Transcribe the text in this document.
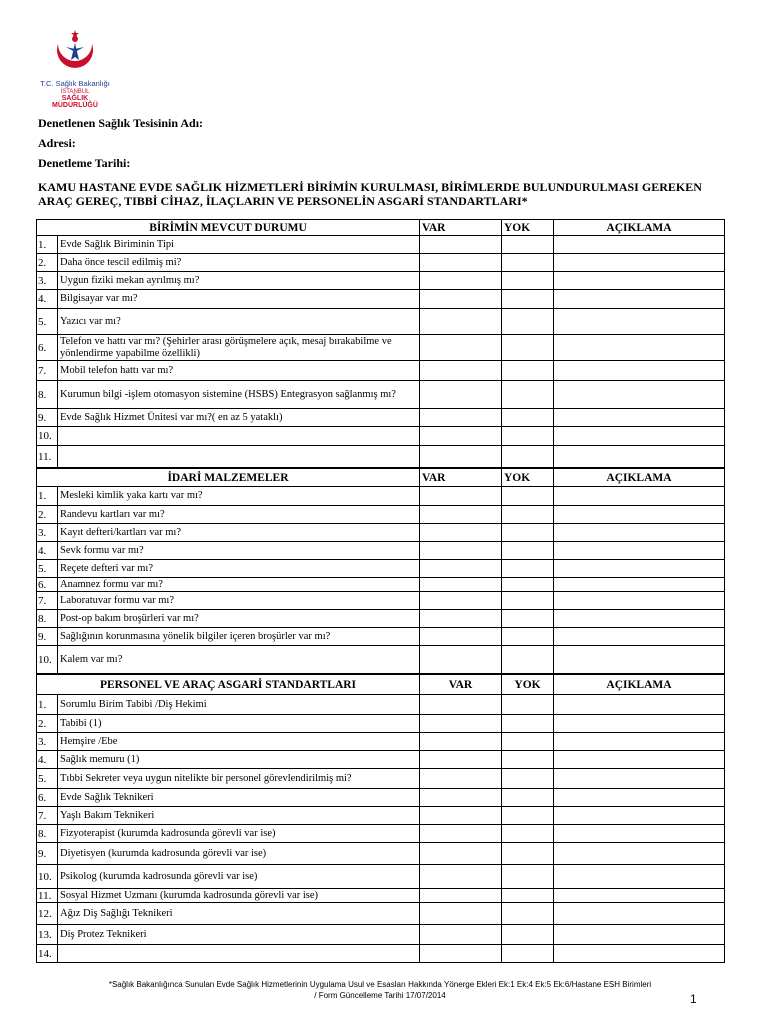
T.C. Sağlık Bakanlığı
İSTANBUL
SAĞLIK
MÜDÜRLÜĞÜ
Denetlenen Sağlık Tesisinin Adı:
Adresi:
Denetleme Tarihi:
KAMU HASTANE EVDE SAĞLIK HİZMETLERİ BİRİMİN KURULMASI, BİRİMLERDE BULUNDURULMASI GEREKEN ARAÇ GEREÇ, TIBBİ CİHAZ, İLAÇLARIN VE PERSONELİN ASGARİ STANDARTLARI*
BİRİMİN MEVCUT DURUMU		VAR	YOK	AÇIKLAMA
1.	Evde Sağlık Biriminin Tipi			
2.	Daha önce tescil edilmiş mi?			
3.	Uygun fiziki mekan ayrılmış mı?			
4.	Bilgisayar var mı?			
5.	Yazıcı var mı?			
6.	Telefon ve hattı var mı? (Şehirler arası görüşmelere açık, mesaj bırakabilme ve yönlendirme yapabilme özellikli)			
7.	Mobil telefon hattı var mı?			
8.	Kurumun bilgi -işlem otomasyon sistemine (HSBS) Entegrasyon sağlanmış mı?			
9.	Evde Sağlık Hizmet Ünitesi var mı?( en az 5 yataklı)			
10.				
11.				
İDARİ MALZEMELER		VAR	YOK	AÇIKLAMA
1.	Mesleki kimlik yaka kartı var mı?			
2.	Randevu kartları var mı?			
3.	Kayıt defteri/kartları var mı?			
4.	Sevk formu var mı?			
5.	Reçete defteri var mı?			
6.	Anamnez formu var mı?			
7.	Laboratuvar formu var mı?			
8.	Post-op bakım broşürleri var mı?			
9.	Sağlığının korunmasına yönelik bilgiler içeren broşürler var mı?			
10.	Kalem var mı?			
PERSONEL VE ARAÇ ASGARİ STANDARTLARI		VAR	YOK	AÇIKLAMA
1.	Sorumlu Birim Tabibi /Diş Hekimi			
2.	Tabibi (1)			
3.	Hemşire /Ebe			
4.	Sağlık memuru (1)			
5.	Tıbbi Sekreter veya uygun nitelikte bir personel görevlendirilmiş mi?			
6.	Evde Sağlık Teknikeri			
7.	Yaşlı Bakım Teknikeri			
8.	Fizyoterapist (kurumda kadrosunda görevli var ise)			
9.	Diyetisyen (kurumda kadrosunda görevli var ise)			
10.	Psikolog (kurumda kadrosunda görevli var ise)			
11.	Sosyal Hizmet Uzmanı (kurumda kadrosunda görevli var ise)			
12.	Ağız Diş Sağlığı Teknikeri			
13.	Diş Protez Teknikeri			
14.				
*Sağlık Bakanlığınca Sunulan Evde Sağlık Hizmetlerinin Uygulama Usul ve Esasları Hakkında Yönerge Ekleri Ek:1 Ek:4 Ek:5 Ek:6/Hastane ESH Birimleri
/ Form Güncelleme Tarihi 17/07/2014	1
